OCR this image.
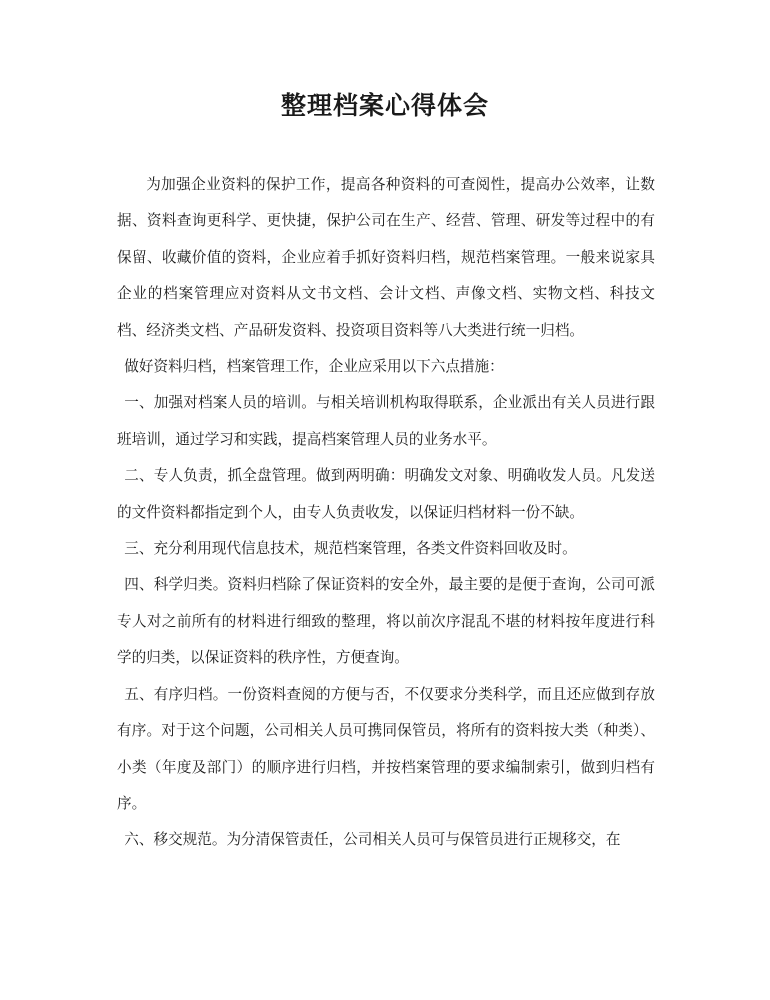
整理档案心得体会

为加强企业资料的保护工作，提高各种资料的可查阅性，提高办公效率，让数据、资料查询更科学、更快捷，保护公司在生产、经营、管理、研发等过程中的有保留、收藏价值的资料，企业应着手抓好资料归档，规范档案管理。一般来说家具企业的档案管理应对资料从文书文档、会计文档、声像文档、实物文档、科技文档、经济类文档、产品研发资料、投资项目资料等八大类进行统一归档。

做好资料归档，档案管理工作，企业应采用以下六点措施：

一、加强对档案人员的培训。与相关培训机构取得联系，企业派出有关人员进行跟班培训，通过学习和实践，提高档案管理人员的业务水平。

二、专人负责，抓全盘管理。做到两明确：明确发文对象、明确收发人员。凡发送的文件资料都指定到个人，由专人负责收发，以保证归档材料一份不缺。

三、充分利用现代信息技术，规范档案管理，各类文件资料回收及时。

四、科学归类。资料归档除了保证资料的安全外，最主要的是便于查询，公司可派专人对之前所有的材料进行细致的整理，将以前次序混乱不堪的材料按年度进行科学的归类，以保证资料的秩序性，方便查询。

五、有序归档。一份资料查阅的方便与否，不仅要求分类科学，而且还应做到存放有序。对于这个问题，公司相关人员可携同保管员，将所有的资料按大类（种类）、小类（年度及部门）的顺序进行归档，并按档案管理的要求编制索引，做到归档有序。

六、移交规范。为分清保管责任，公司相关人员可与保管员进行正规移交，在
